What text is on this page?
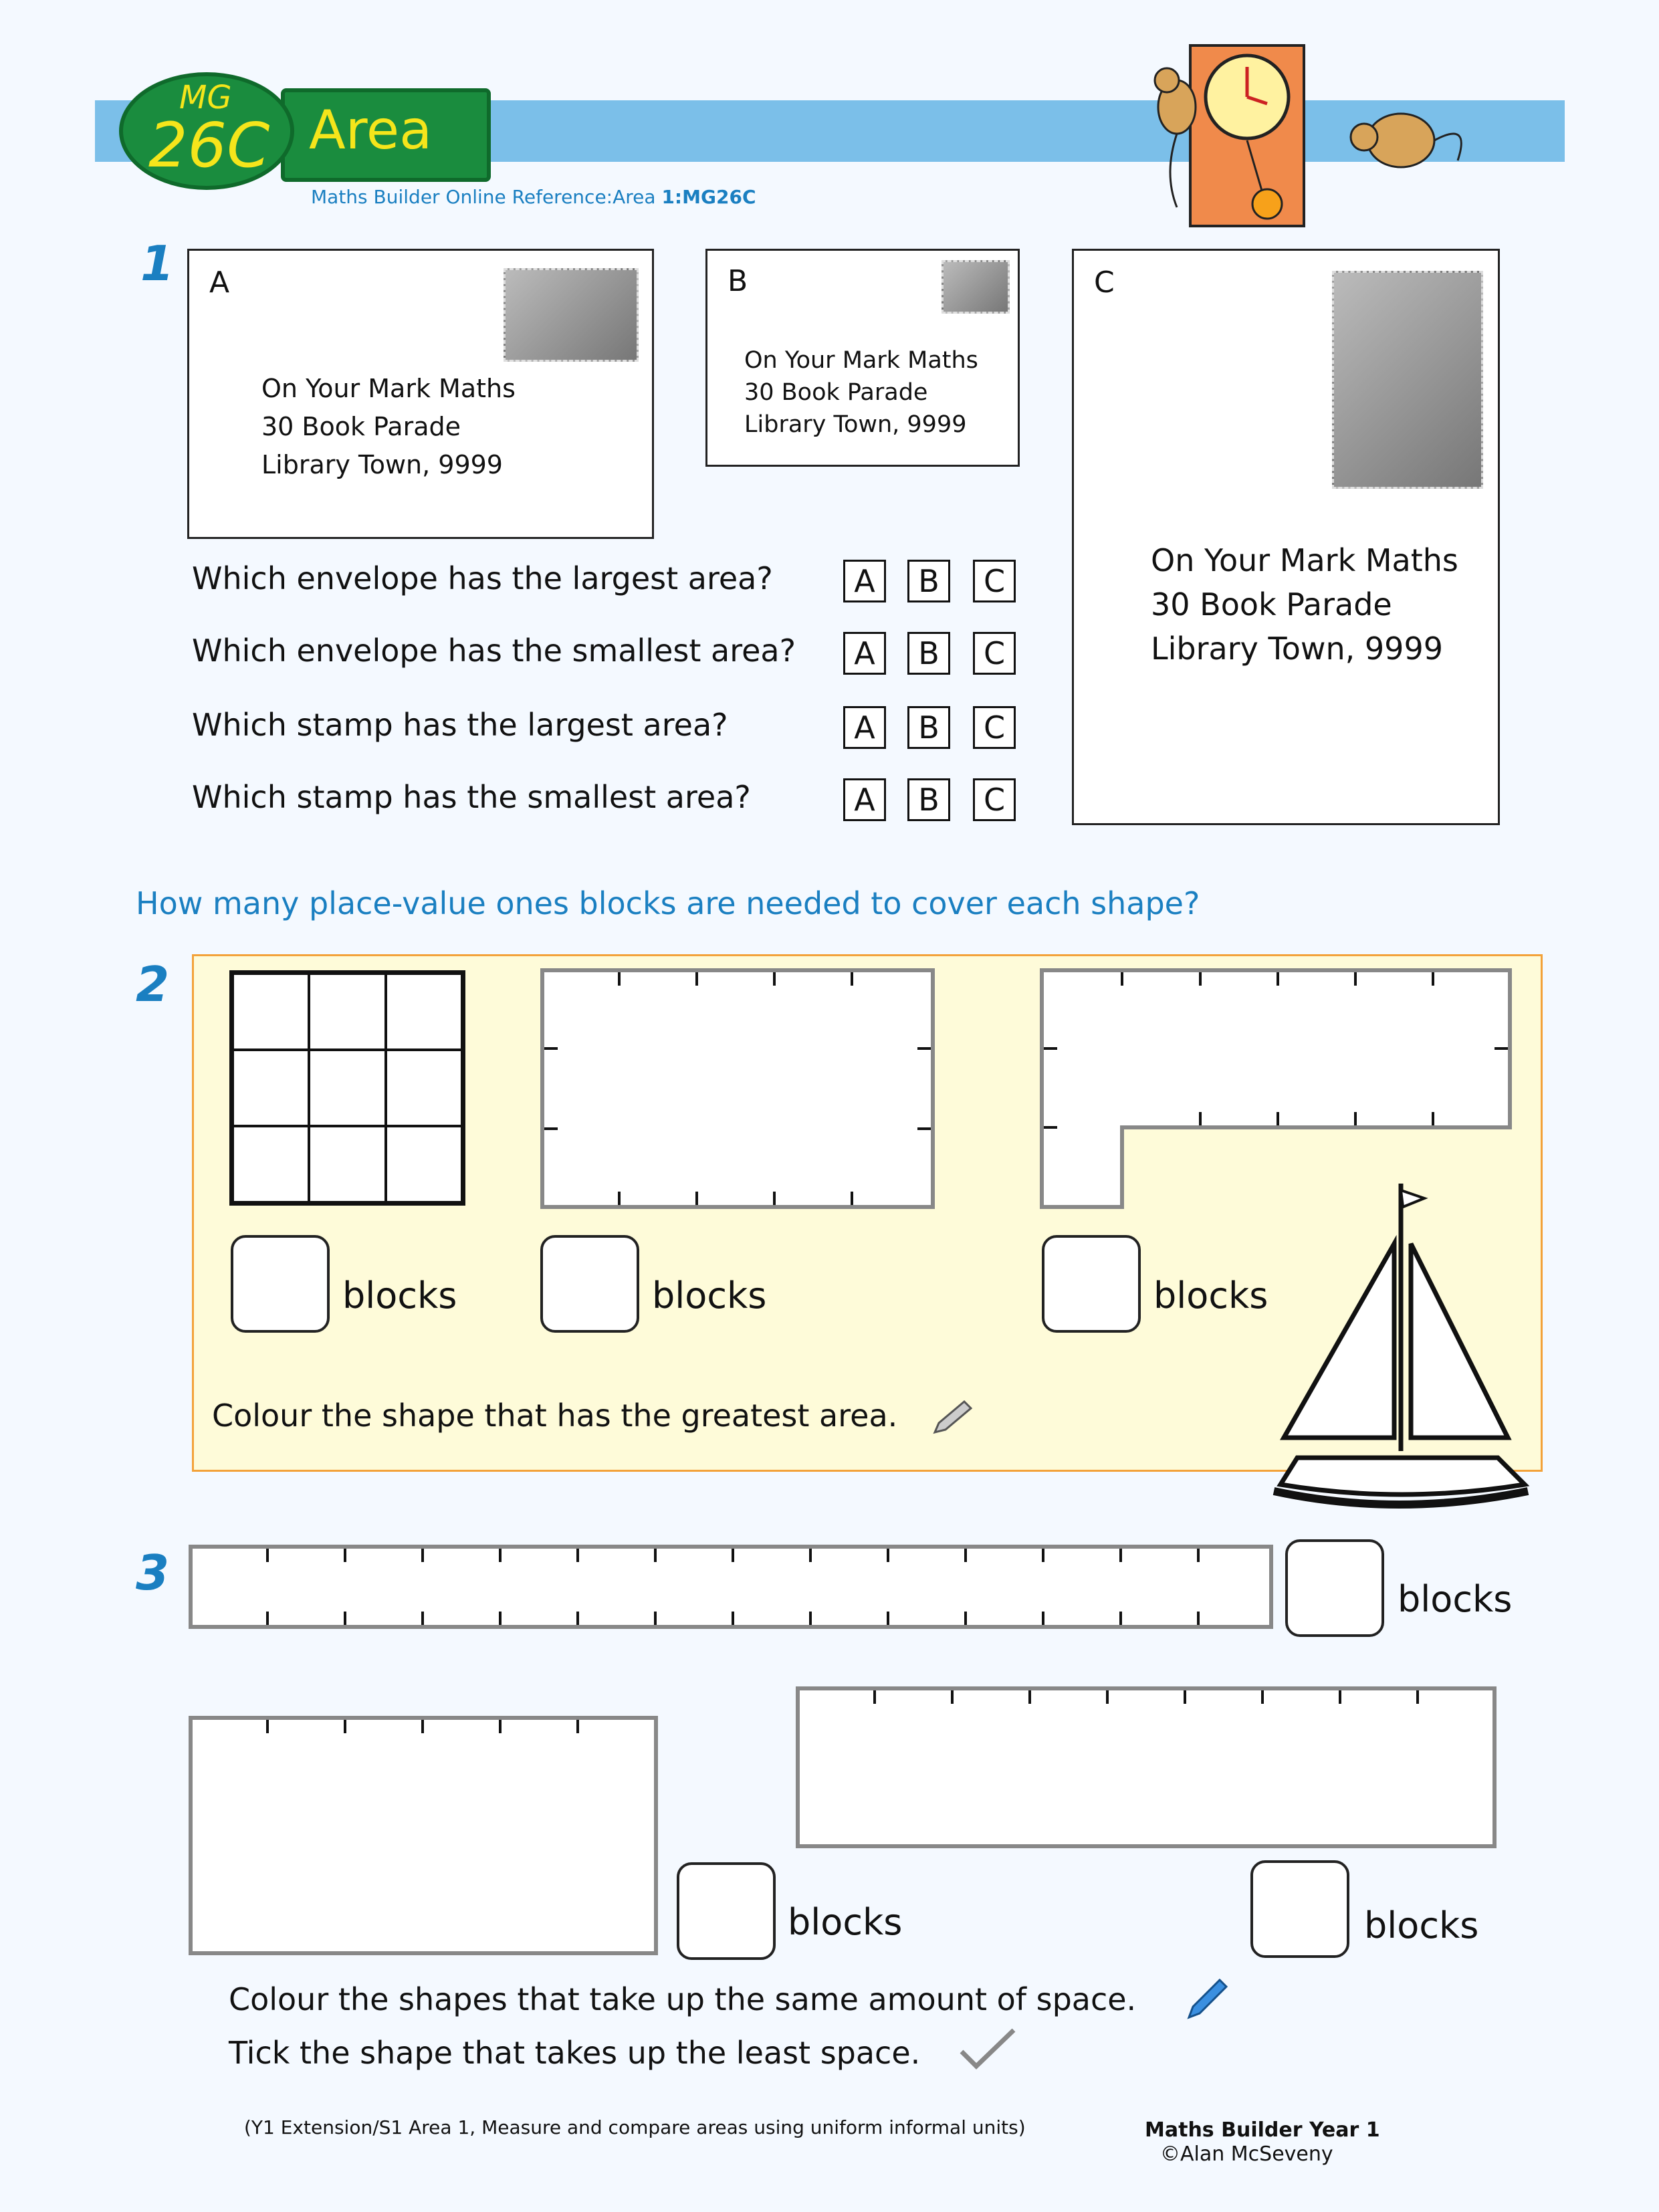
Area
MG
26C
Maths Builder Online Reference:Area 1:MG26C
1 A
On Your Mark Maths
30 Book Parade
Library Town, 9999
B
On Your Mark Maths
30 Book Parade
Library Town, 9999
C
On Your Mark Maths
30 Book Parade
Library Town, 9999
Which envelope has the largest area?
Which envelope has the smallest area?
Which stamp has the largest area?
Which stamp has the smallest area?
A	B	C
A	B	C
A	B	C
A	B	C
How many place-value ones blocks are needed to cover each shape?
2
blocks	blocks	blocks
Colour the shape that has the greatest area.
3	blocks
blocks	blocks
Colour the shapes that take up the same amount of space.
Tick the shape that takes up the least space.
(Y1 Extension/S1 Area 1, Measure and compare areas using uniform informal units)	Maths Builder Year 1
©Alan McSeveny
